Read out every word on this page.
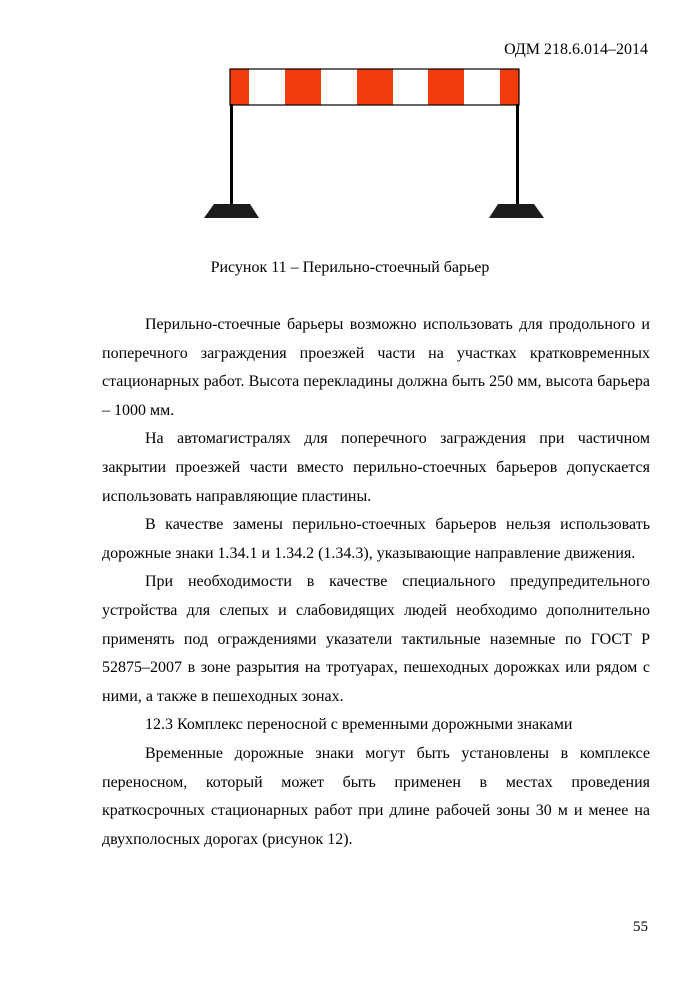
ОДМ 218.6.014–2014
Рисунок 11 – Перильно-стоечный барьер

Перильно-стоечные барьеры возможно использовать для продольного и поперечного заграждения проезжей части на участках кратковременных стационарных работ. Высота перекладины должна быть 250 мм, высота барьера – 1000 мм.

На автомагистралях для поперечного заграждения при частичном закрытии проезжей части вместо перильно-стоечных барьеров допускается использовать направляющие пластины.

В качестве замены перильно-стоечных барьеров нельзя использовать дорожные знаки 1.34.1 и 1.34.2 (1.34.3), указывающие направление движения.

При необходимости в качестве специального предупредительного устройства для слепых и слабовидящих людей необходимо дополнительно применять под ограждениями указатели тактильные наземные по ГОСТ Р 52875–2007 в зоне разрытия на тротуарах, пешеходных дорожках или рядом с ними, а также в пешеходных зонах.

12.3 Комплекс переносной с временными дорожными знаками

Временные дорожные знаки могут быть установлены в комплексе переносном, который может быть применен в местах проведения краткосрочных стационарных работ при длине рабочей зоны 30 м и менее на двухполосных дорогах (рисунок 12).

55
